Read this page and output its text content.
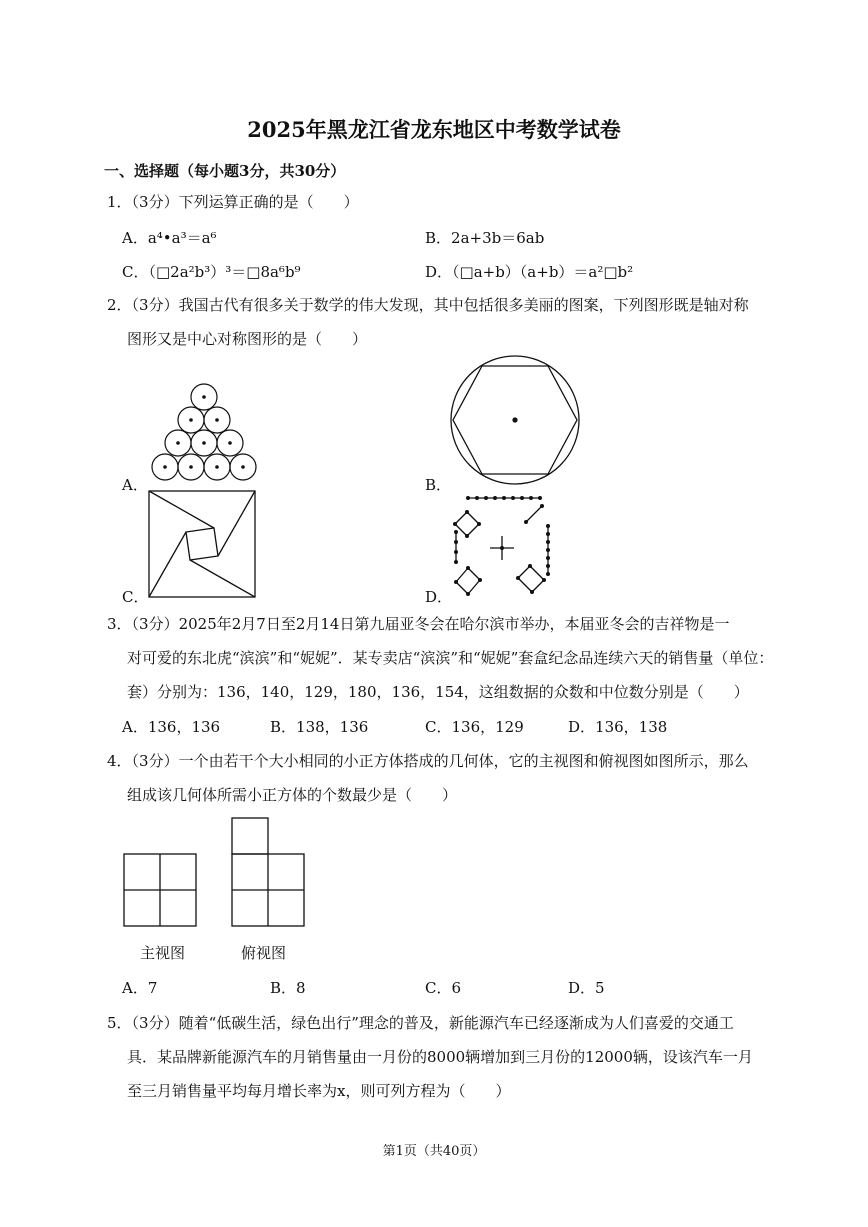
2025年黑龙江省龙东地区中考数学试卷
一、选择题（每小题3分，共30分）
1．（3分）下列运算正确的是（　　）
A．a⁴•a³＝a⁶	B．2a+3b＝6ab
C．（□2a²b³）³＝□8a⁶b⁹	D．（□a+b）（a+b）＝a²□b²
2．（3分）我国古代有很多关于数学的伟大发现，其中包括很多美丽的图案，下列图形既是轴对称
图形又是中心对称图形的是（　　）
A．	B．
C．	D．
3．（3分）2025年2月7日至2月14日第九届亚冬会在哈尔滨市举办，本届亚冬会的吉祥物是一
对可爱的东北虎“滨滨”和“妮妮”．某专卖店“滨滨”和“妮妮”套盒纪念品连续六天的销售量（单位：
套）分别为：136，140，129，180，136，154，这组数据的众数和中位数分别是（　　）
A．136，136	B．138，136	C．136，129	D．136，138
4．（3分）一个由若干个大小相同的小正方体搭成的几何体，它的主视图和俯视图如图所示，那么
组成该几何体所需小正方体的个数最少是（　　）
主视图	俯视图
A．7	B．8	C．6	D．5
5．（3分）随着“低碳生活，绿色出行”理念的普及，新能源汽车已经逐渐成为人们喜爱的交通工
具．某品牌新能源汽车的月销售量由一月份的8000辆增加到三月份的12000辆，设该汽车一月
至三月销售量平均每月增长率为x，则可列方程为（　　）
第1页（共40页）
